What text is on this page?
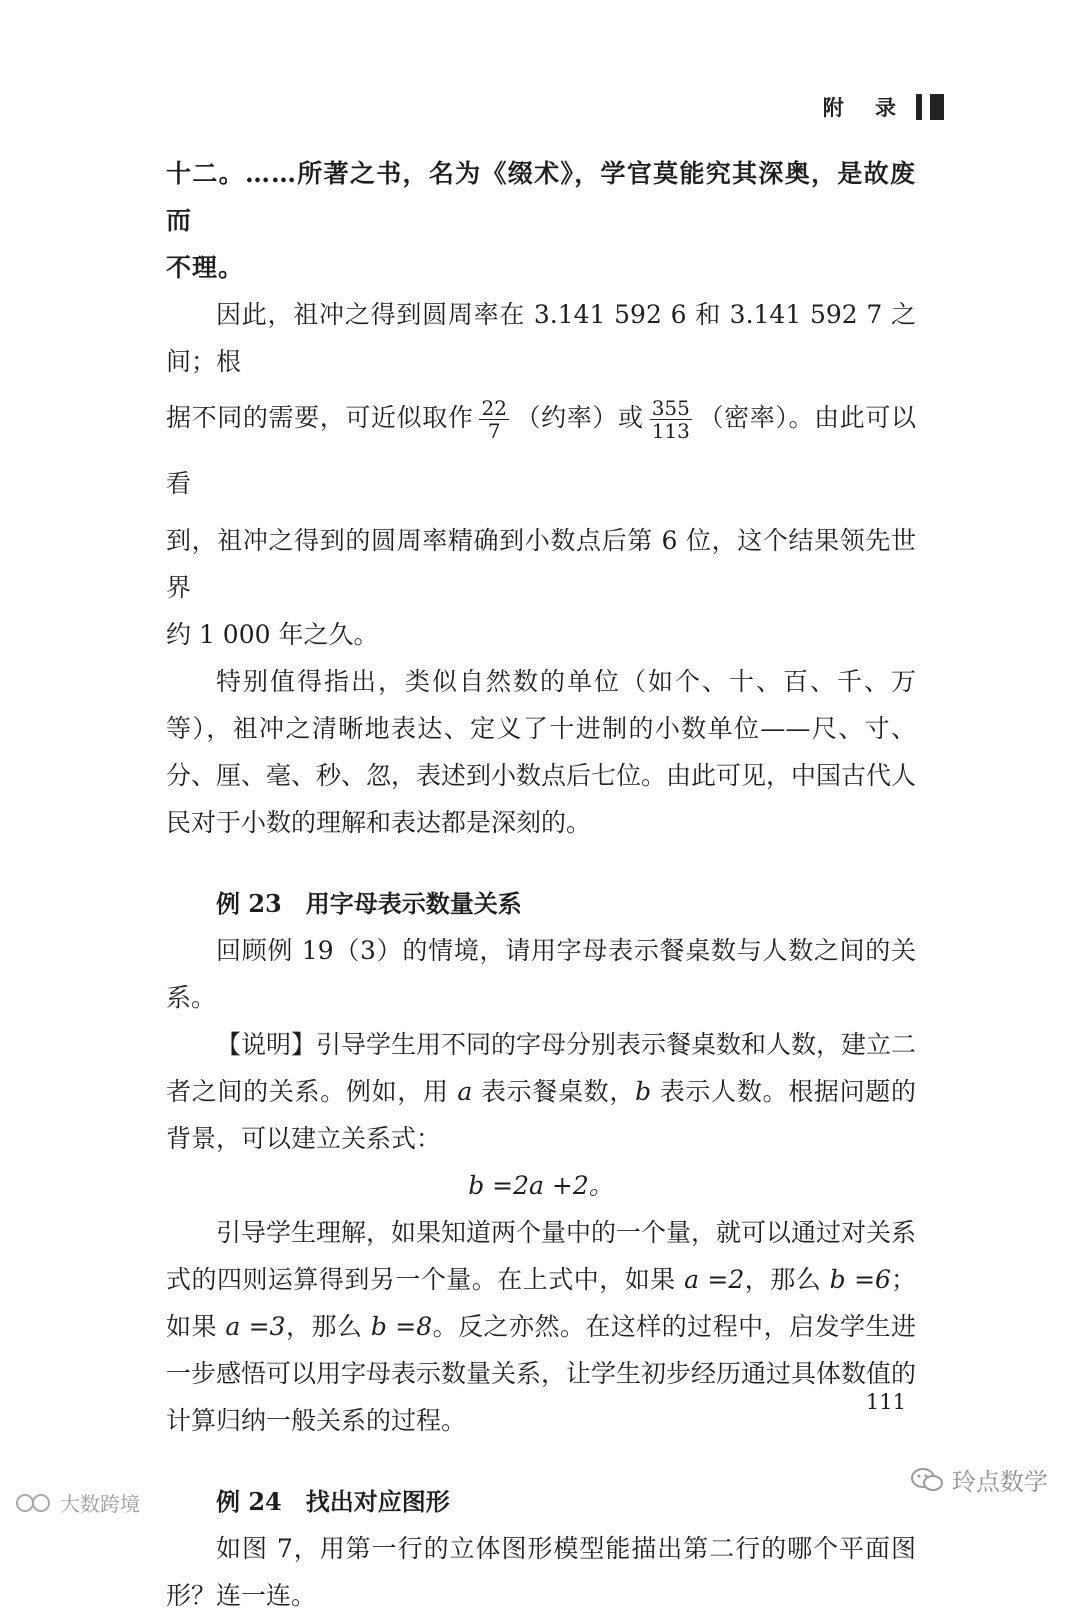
附 录

十二。……所著之书，名为《缀术》，学官莫能究其深奥，是故废而

不理。

因此，祖冲之得到圆周率在 3.141 592 6 和 3.141 592 7 之间；根

据不同的需要，可近似取作 $\frac{22}{7}$ （约率）或 $\frac{355}{113}$ （密率）。由此可以看

到，祖冲之得到的圆周率精确到小数点后第 6 位，这个结果领先世界

约 1 000 年之久。

特别值得指出，类似自然数的单位（如个、十、百、千、万等），祖冲之清晰地表达、定义了十进制的小数单位——尺、寸、分、厘、毫、秒、忽，表述到小数点后七位。由此可见，中国古代人民对于小数的理解和表达都是深刻的。

例 23 用字母表示数量关系

回顾例 19（3）的情境，请用字母表示餐桌数与人数之间的关系。

【说明】引导学生用不同的字母分别表示餐桌数和人数，建立二者之间的关系。例如，用 a 表示餐桌数，b 表示人数。根据问题的背景，可以建立关系式：

b =2a +2。

引导学生理解，如果知道两个量中的一个量，就可以通过对关系式的四则运算得到另一个量。在上式中，如果 a =2，那么 b =6；如果 a =3，那么 b =8。反之亦然。在这样的过程中，启发学生进一步感悟可以用字母表示数量关系，让学生初步经历通过具体数值的计算归纳一般关系的过程。

例 24 找出对应图形

如图 7，用第一行的立体图形模型能描出第二行的哪个平面图形？连一连。

111
大数跨境
玲点数学
